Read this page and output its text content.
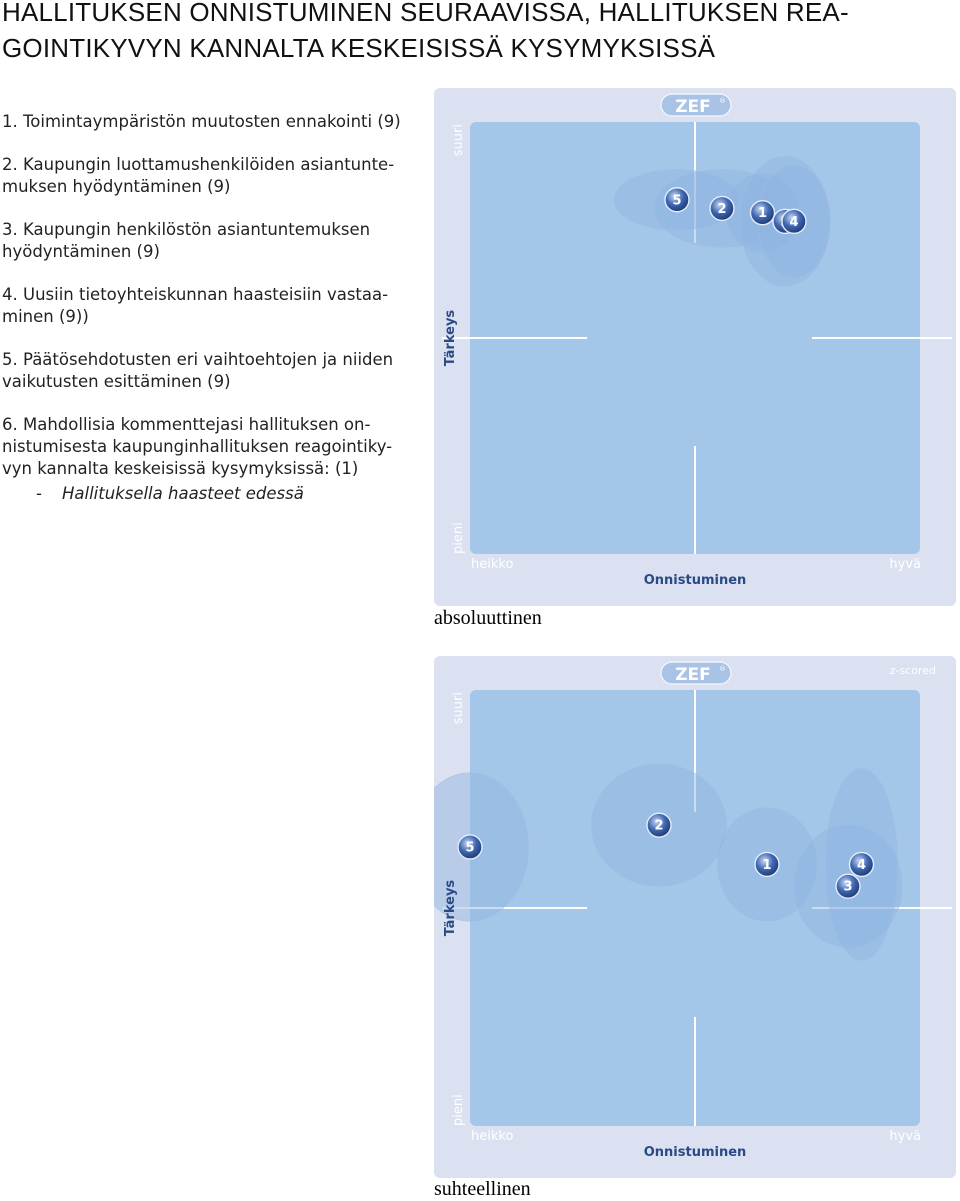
HALLITUKSEN ONNISTUMINEN SEURAAVISSA, HALLITUKSEN REA-
GOINTIKYVYN KANNALTA KESKEISISSÄ KYSYMYKSISSÄ
1. Toimintaympäristön muutosten ennakointi (9)
2. Kaupungin luottamushenkilöiden asiantunte-
muksen hyödyntäminen (9)
3. Kaupungin henkilöstön asiantuntemuksen
hyödyntäminen (9)
4. Uusiin tietoyhteiskunnan haasteisiin vastaa-
minen (9))
5. Päätösehdotusten eri vaihtoehtojen ja niiden
vaikutusten esittäminen (9)
6. Mahdollisia kommenttejasi hallituksen on-
nistumisesta kaupunginhallituksen reagointiky-
vyn kannalta keskeisissä kysymyksissä: (1)
- Hallituksella haasteet edessä
ZEF ®
1
2
4
5
heikko	hyvä
Onnistuminen
suuri
pieni
Tärkeys
absoluuttinen
ZEF ®	z-scored
1
2
3
4
5
heikko	hyvä
Onnistuminen
suuri
pieni
Tärkeys
suhteellinen
